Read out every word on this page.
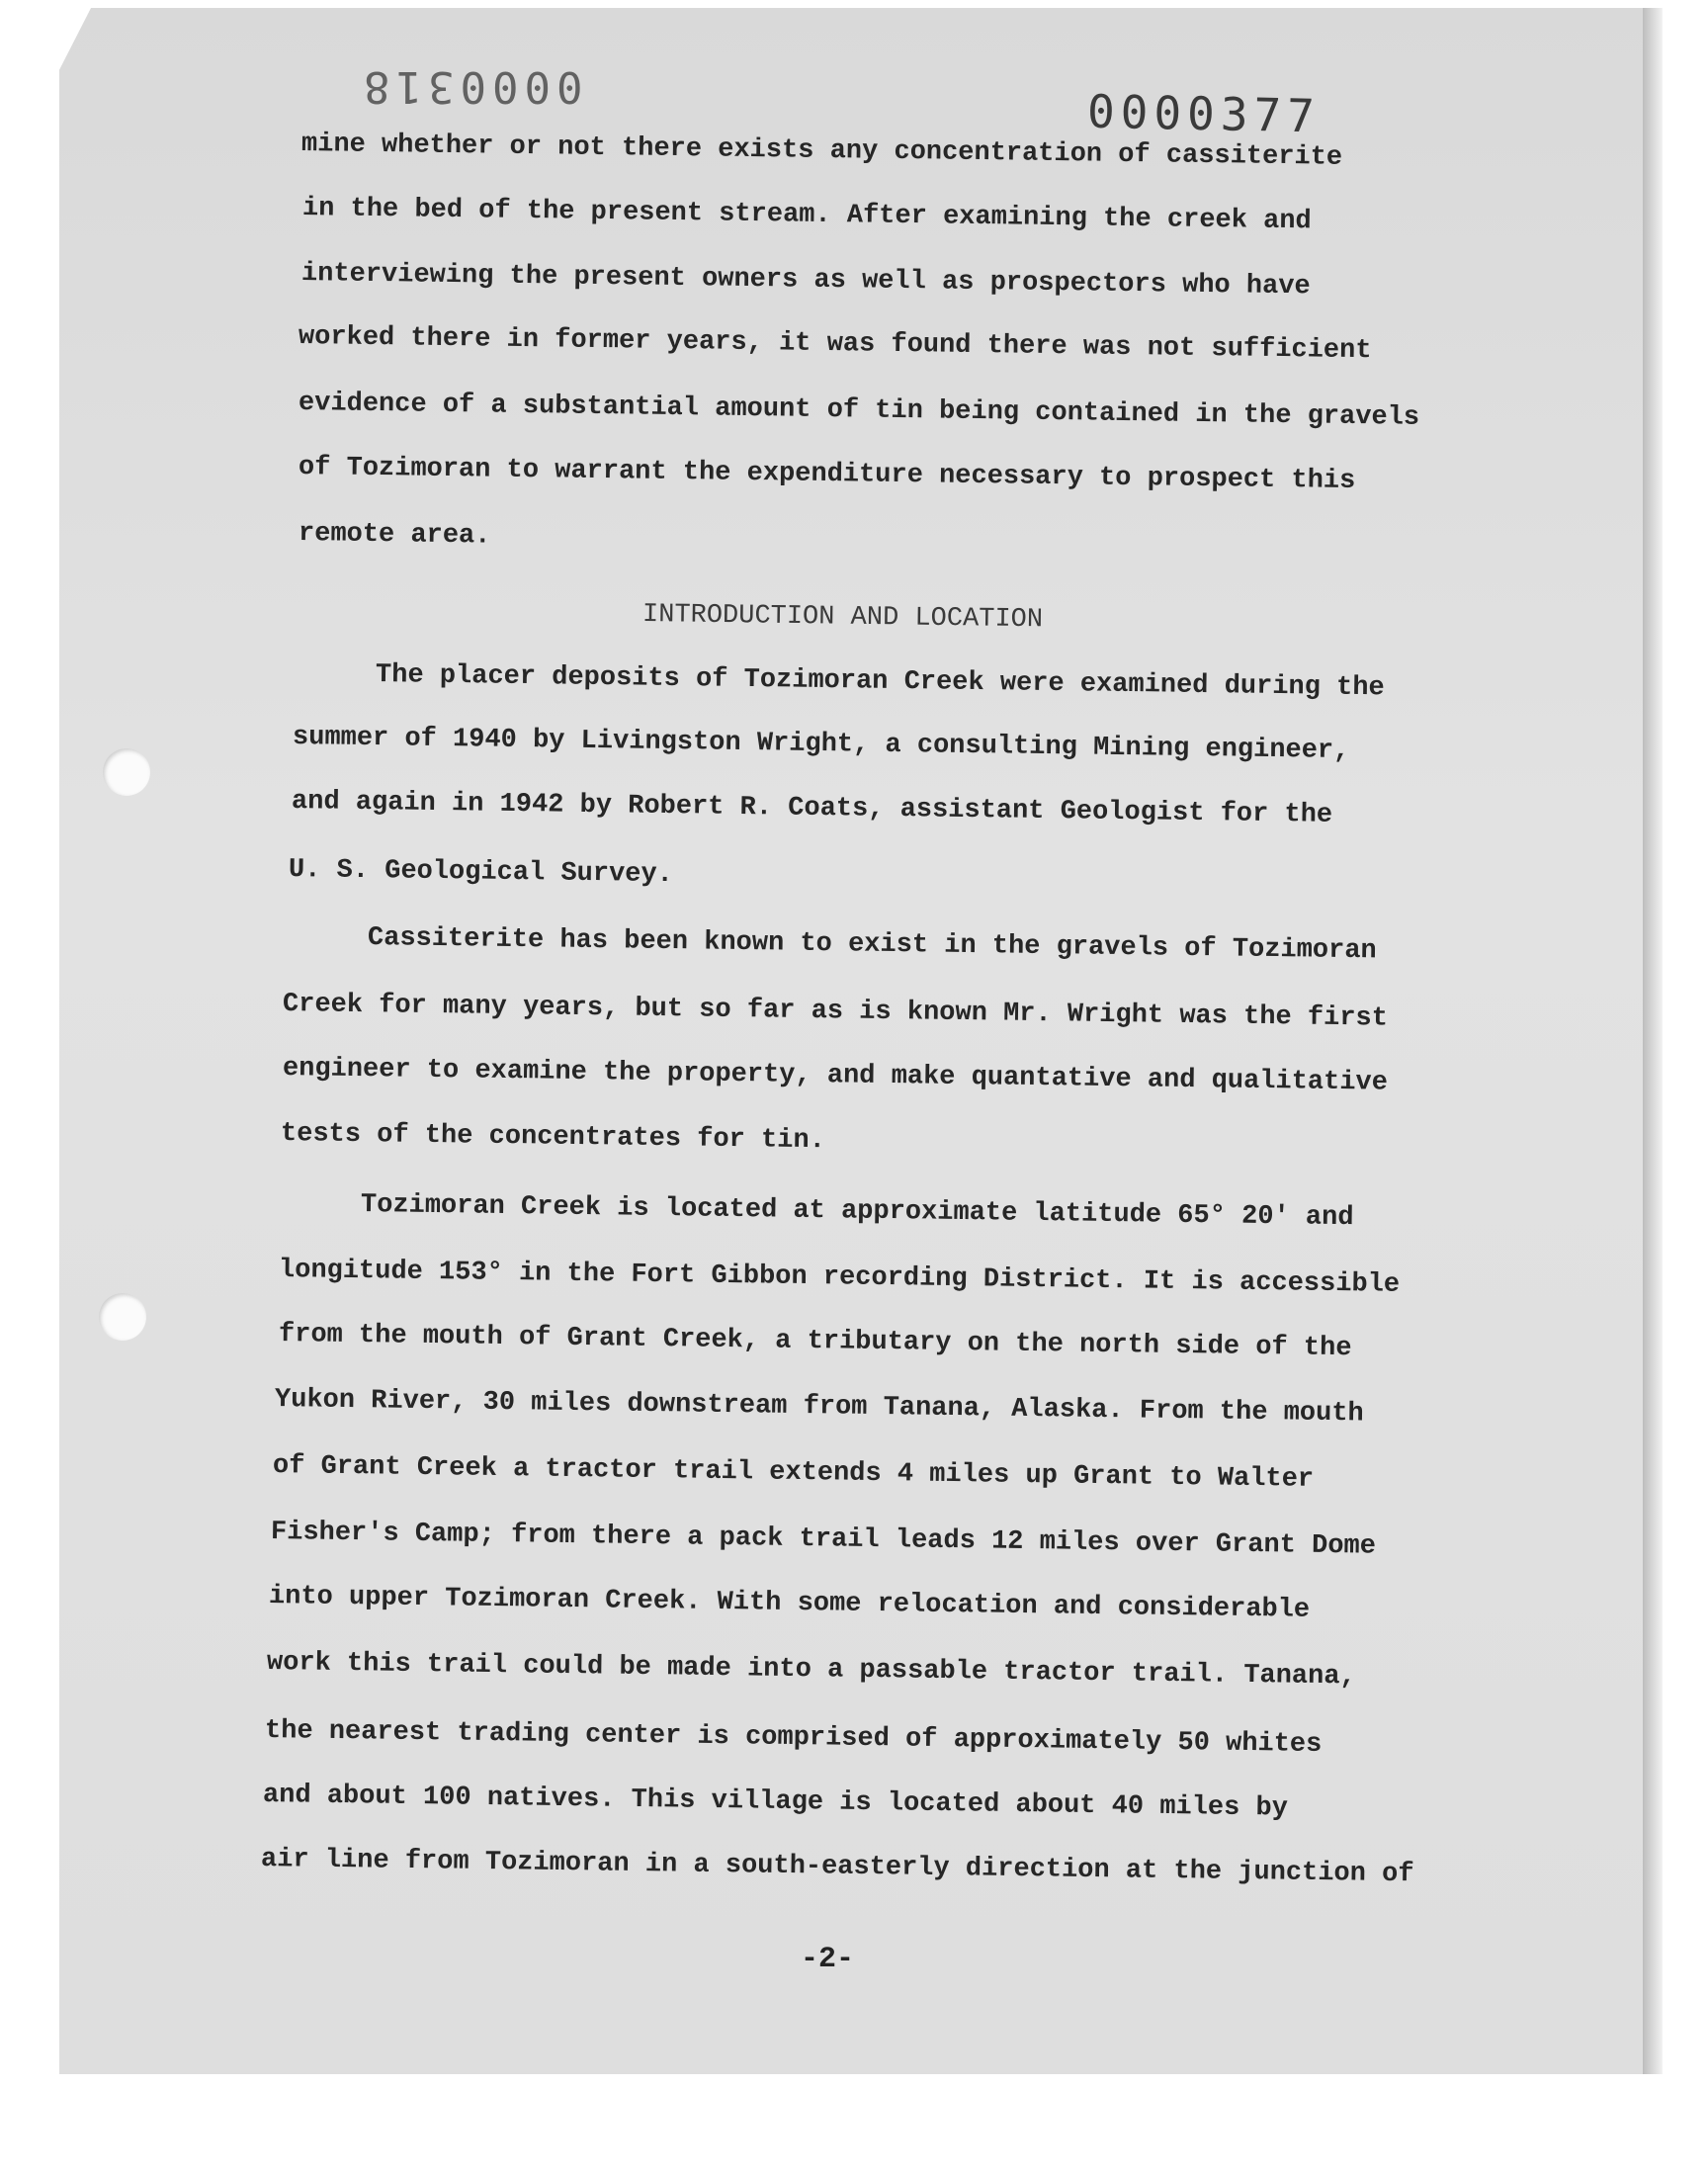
0000318	0000377
mine whether or not there exists any concentration of cassiterite
in the bed of the present stream. After examining the creek and
interviewing the present owners as well as prospectors who have
worked there in former years, it was found there was not sufficient
evidence of a substantial amount of tin being contained in the gravels
of Tozimoran to warrant the expenditure necessary to prospect this
remote area.
INTRODUCTION AND LOCATION
The placer deposits of Tozimoran Creek were examined during the
summer of 1940 by Livingston Wright, a consulting Mining engineer,
and again in 1942 by Robert R. Coats, assistant Geologist for the
U. S. Geological Survey.
Cassiterite has been known to exist in the gravels of Tozimoran
Creek for many years, but so far as is known Mr. Wright was the first
engineer to examine the property, and make quantative and qualitative
tests of the concentrates for tin.
Tozimoran Creek is located at approximate latitude 65° 20' and
longitude 153° in the Fort Gibbon recording District. It is accessible
from the mouth of Grant Creek, a tributary on the north side of the
Yukon River, 30 miles downstream from Tanana, Alaska. From the mouth
of Grant Creek a tractor trail extends 4 miles up Grant to Walter
Fisher's Camp; from there a pack trail leads 12 miles over Grant Dome
into upper Tozimoran Creek. With some relocation and considerable
work this trail could be made into a passable tractor trail. Tanana,
the nearest trading center is comprised of approximately 50 whites
and about 100 natives. This village is located about 40 miles by
air line from Tozimoran in a south-easterly direction at the junction of
-2-
